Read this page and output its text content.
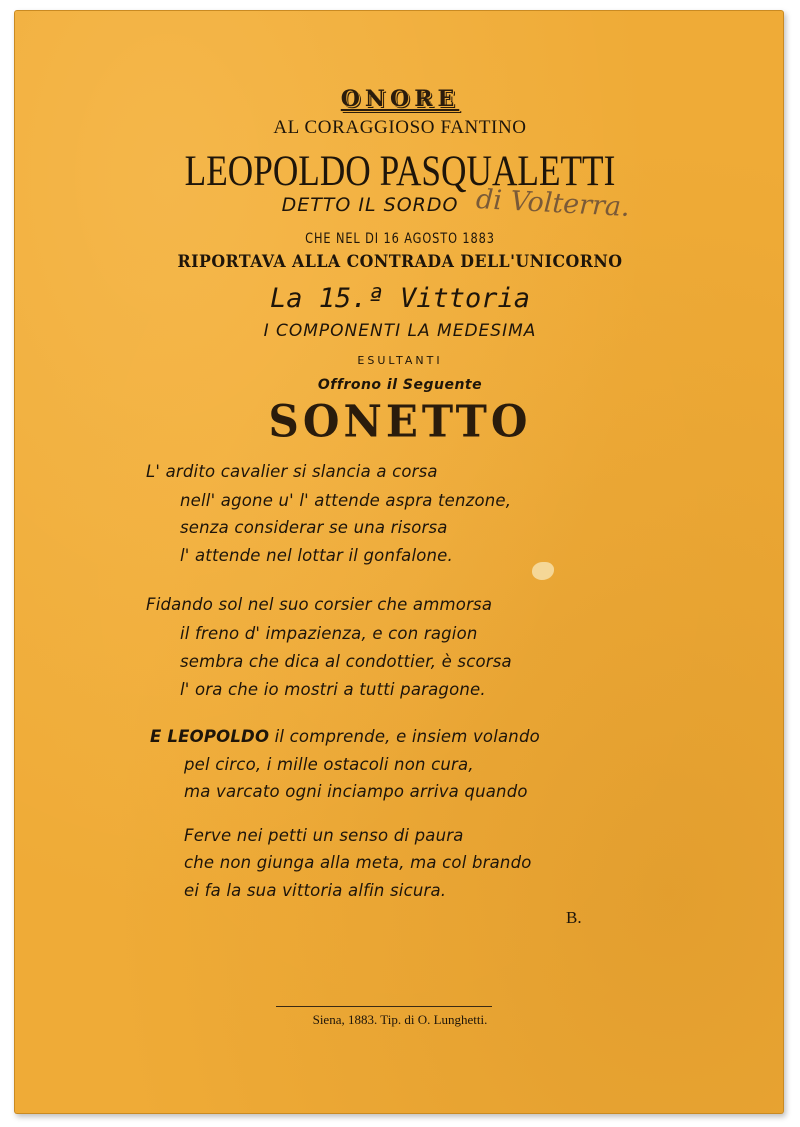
ONORE
AL CORAGGIOSO FANTINO
LEOPOLDO PASQUALETTI
DETTO IL SORDO di Volterra.
CHE NEL DI 16 AGOSTO 1883
RIPORTAVA ALLA CONTRADA DELL'UNICORNO
La 15.ª Vittoria
I COMPONENTI LA MEDESIMA
ESULTANTI
Offrono il Seguente
SONETTO
L' ardito cavalier si slancia a corsa
nell' agone u' l' attende aspra tenzone,
senza considerar se una risorsa
l' attende nel lottar il gonfalone.
Fidando sol nel suo corsier che ammorsa
il freno d' impazienza, e con ragion
sembra che dica al condottier, è scorsa
l' ora che io mostri a tutti paragone.
E LEOPOLDO il comprende, e insiem volando
pel circo, i mille ostacoli non cura,
ma varcato ogni inciampo arriva quando
Ferve nei petti un senso di paura
che non giunga alla meta, ma col brando
ei fa la sua vittoria alfin sicura.
B.
Siena, 1883. Tip. di O. Lunghetti.
